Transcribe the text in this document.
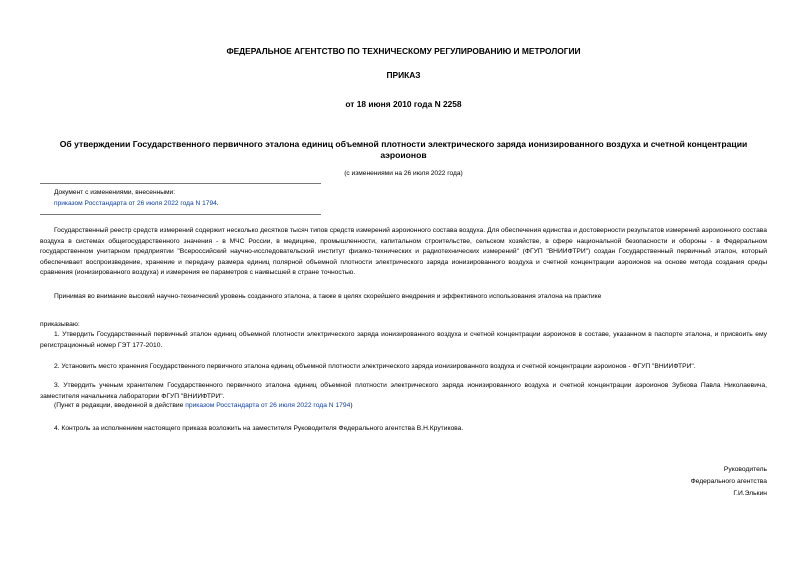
ФЕДЕРАЛЬНОЕ АГЕНТСТВО ПО ТЕХНИЧЕСКОМУ РЕГУЛИРОВАНИЮ И МЕТРОЛОГИИ
ПРИКАЗ
от 18 июня 2010 года N 2258
Об утверждении Государственного первичного эталона единиц объемной плотности электрического заряда ионизированного воздуха и счетной концентрации аэроионов
(с изменениями на 26 июля 2022 года)
Документ с изменениями, внесенными:
приказом Росстандарта от 26 июля 2022 года N 1794.
Государственный реестр средств измерений содержит несколько десятков тысяч типов средств измерений аэроионного состава воздуха. Для обеспечения единства и достоверности результатов измерений аэроионного состава воздуха в системах общегосударственного значения - в МЧС России, в медицине, промышленности, капитальном строительстве, сельском хозяйстве, в сфере национальной безопасности и обороны - в Федеральном государственном унитарном предприятии "Всероссийский научно-исследовательский институт физико-технических и радиотехнических измерений" (ФГУП "ВНИИФТРИ") создан Государственный первичный эталон, который обеспечивает воспроизведение, хранение и передачу размера единиц полярной объемной плотности электрического заряда ионизированного воздуха и счетной концентрации аэроионов на основе метода создания среды сравнения (ионизированного воздуха) и измерения ее параметров с наивысшей в стране точностью.
Принимая во внимание высокий научно-технический уровень созданного эталона, а также в целях скорейшего внедрения и эффективного использования эталона на практике
приказываю:
1. Утвердить Государственный первичный эталон единиц объемной плотности электрического заряда ионизированного воздуха и счетной концентрации аэроионов в составе, указанном в паспорте эталона, и присвоить ему регистрационный номер ГЭТ 177-2010.
2. Установить место хранения Государственного первичного эталона единиц объемной плотности электрического заряда ионизированного воздуха и счетной концентрации аэроионов - ФГУП "ВНИИФТРИ".
3. Утвердить ученым хранителем Государственного первичного эталона единиц объемной плотности электрического заряда ионизированного воздуха и счетной концентрации аэроионов Зубкова Павла Николаевича, заместителя начальника лаборатории ФГУП "ВНИИФТРИ".
(Пункт в редакции, введенной в действие приказом Росстандарта от 26 июля 2022 года N 1794)
4. Контроль за исполнением настоящего приказа возложить на заместителя Руководителя Федерального агентства В.Н.Крутикова.
Руководитель
Федерального агентства
Г.И.Элькин
